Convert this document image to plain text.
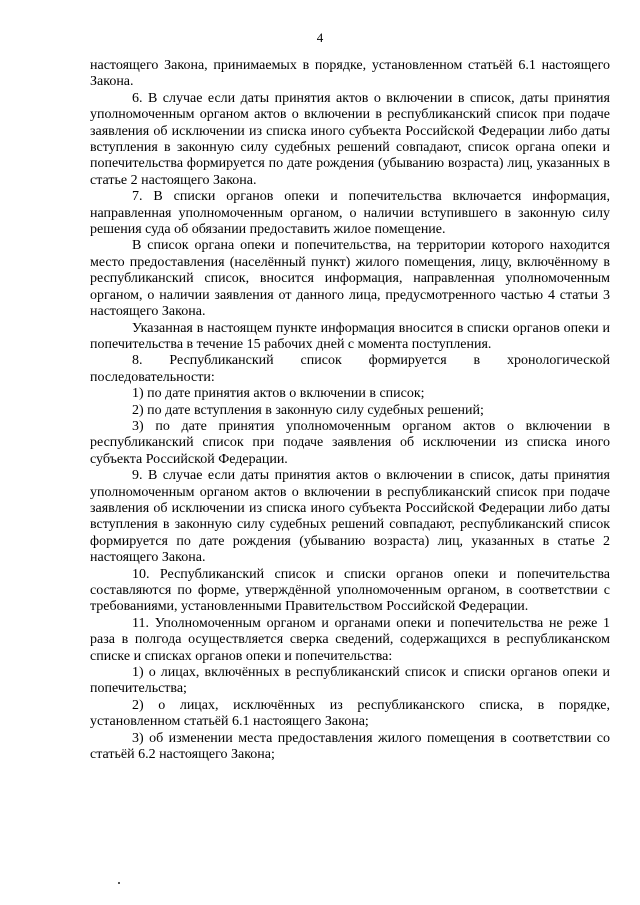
4

настоящего Закона, принимаемых в порядке, установленном статьёй 6.1 настоящего Закона.

6. В случае если даты принятия актов о включении в список, даты принятия уполномоченным органом актов о включении в республиканский список при подаче заявления об исключении из списка иного субъекта Российской Федерации либо даты вступления в законную силу судебных решений совпадают, список органа опеки и попечительства формируется по дате рождения (убыванию возраста) лиц, указанных в статье 2 настоящего Закона.

7. В списки органов опеки и попечительства включается информация, направленная уполномоченным органом, о наличии вступившего в законную силу решения суда об обязании предоставить жилое помещение.

В список органа опеки и попечительства, на территории которого находится место предоставления (населённый пункт) жилого помещения, лицу, включённому в республиканский список, вносится информация, направленная уполномоченным органом, о наличии заявления от данного лица, предусмотренного частью 4 статьи 3 настоящего Закона.

Указанная в настоящем пункте информация вносится в списки органов опеки и попечительства в течение 15 рабочих дней с момента поступления.

8. Республиканский список формируется в хронологической последовательности:

1) по дате принятия актов о включении в список;

2) по дате вступления в законную силу судебных решений;

3) по дате принятия уполномоченным органом актов о включении в республиканский список при подаче заявления об исключении из списка иного субъекта Российской Федерации.

9. В случае если даты принятия актов о включении в список, даты принятия уполномоченным органом актов о включении в республиканский список при подаче заявления об исключении из списка иного субъекта Российской Федерации либо даты вступления в законную силу судебных решений совпадают, республиканский список формируется по дате рождения (убыванию возраста) лиц, указанных в статье 2 настоящего Закона.

10. Республиканский список и списки органов опеки и попечительства составляются по форме, утверждённой уполномоченным органом, в соответствии с требованиями, установленными Правительством Российской Федерации.

11. Уполномоченным органом и органами опеки и попечительства не реже 1 раза в полгода осуществляется сверка сведений, содержащихся в республиканском списке и списках органов опеки и попечительства:

1) о лицах, включённых в республиканский список и списки органов опеки и попечительства;

2) о лицах, исключённых из республиканского списка, в порядке, установленном статьёй 6.1 настоящего Закона;

3) об изменении места предоставления жилого помещения в соответствии со статьёй 6.2 настоящего Закона;
